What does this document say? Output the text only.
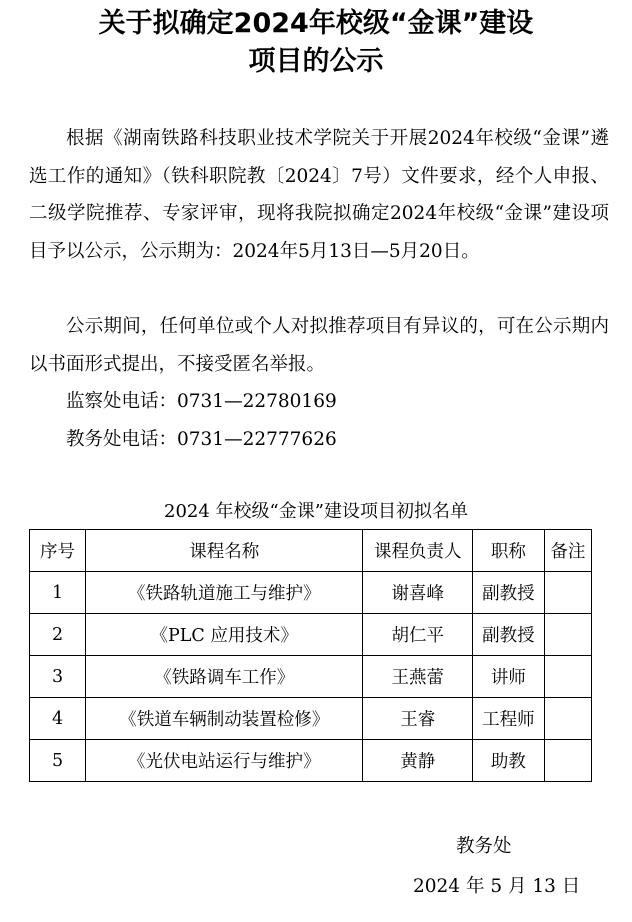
关于拟确定2024年校级“金课”建设
项目的公示

根据《湖南铁路科技职业技术学院关于开展2024年校级“金课”遴选工作的通知》（铁科职院教〔2024〕7号）文件要求，经个人申报、二级学院推荐、专家评审，现将我院拟确定2024年校级“金课”建设项目予以公示，公示期为：2024年5月13日—5月20日。

公示期间，任何单位或个人对拟推荐项目有异议的，可在公示期内以书面形式提出，不接受匿名举报。

监察处电话：0731—22780169

教务处电话：0731—22777626

2024 年校级“金课”建设项目初拟名单

序号	课程名称	课程负责人	职称	备注
1	《铁路轨道施工与维护》	谢喜峰	副教授	
2	《PLC 应用技术》	胡仁平	副教授	
3	《铁路调车工作》	王燕蕾	讲师	
4	《铁道车辆制动装置检修》	王睿	工程师	
5	《光伏电站运行与维护》	黄静	助教	

教务处

2024 年 5 月 13 日
